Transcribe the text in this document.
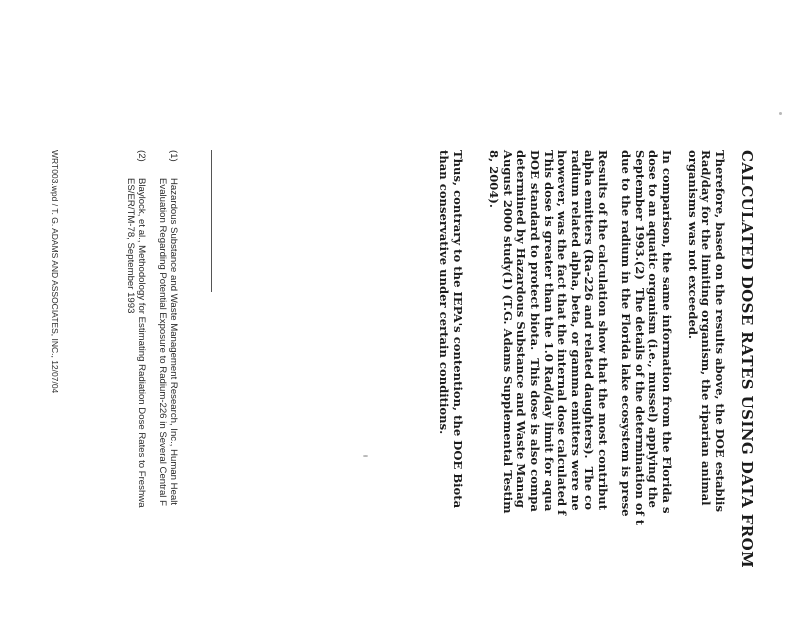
CALCULATED DOSE RATES USING DATA FROM
Therefore, based on the results above, the DOE establis
Rad/day for the limiting organism, the riparian animal
organisms was not exceeded.
In comparison, the same information from the Florida s
dose to an aquatic organism (i.e., mussel) applying the
September 1993.(2)  The details of the determination of t
due to the radium in the Florida lake ecosystem is prese
Results of the calculation show that the most contribut
alpha emitters (Ra-226 and related daughters).  The co
radium related alpha, beta, or gamma emitters were ne
however, was the fact that the internal dose calculated f
This dose is greater than the 1.0 Rad/day limit for aqua
DOE standard to protect biota.  This dose is also compa
determined by Hazardous Substance and Waste Manag
August 2000 study(1) (T.G. Adams Supplemental Testim
8, 2004).
Thus, contrary to the IEPA's contention, the DOE Biota
than conservative under certain conditions.
(1)
Hazardous Substance and Waste Management Research, Inc., Human Healt
Evaluation Regarding Potential Exposure to Radium-226 in Several Central F
(2)
Blaylock, et al., Methodology for Estimating Radiation Dose Rates to Freshwa
ES/ER/TM-78, September 1993
WRT003.wpd / T. G. ADAMS AND ASSOCIATES, INC., 12/07/04
